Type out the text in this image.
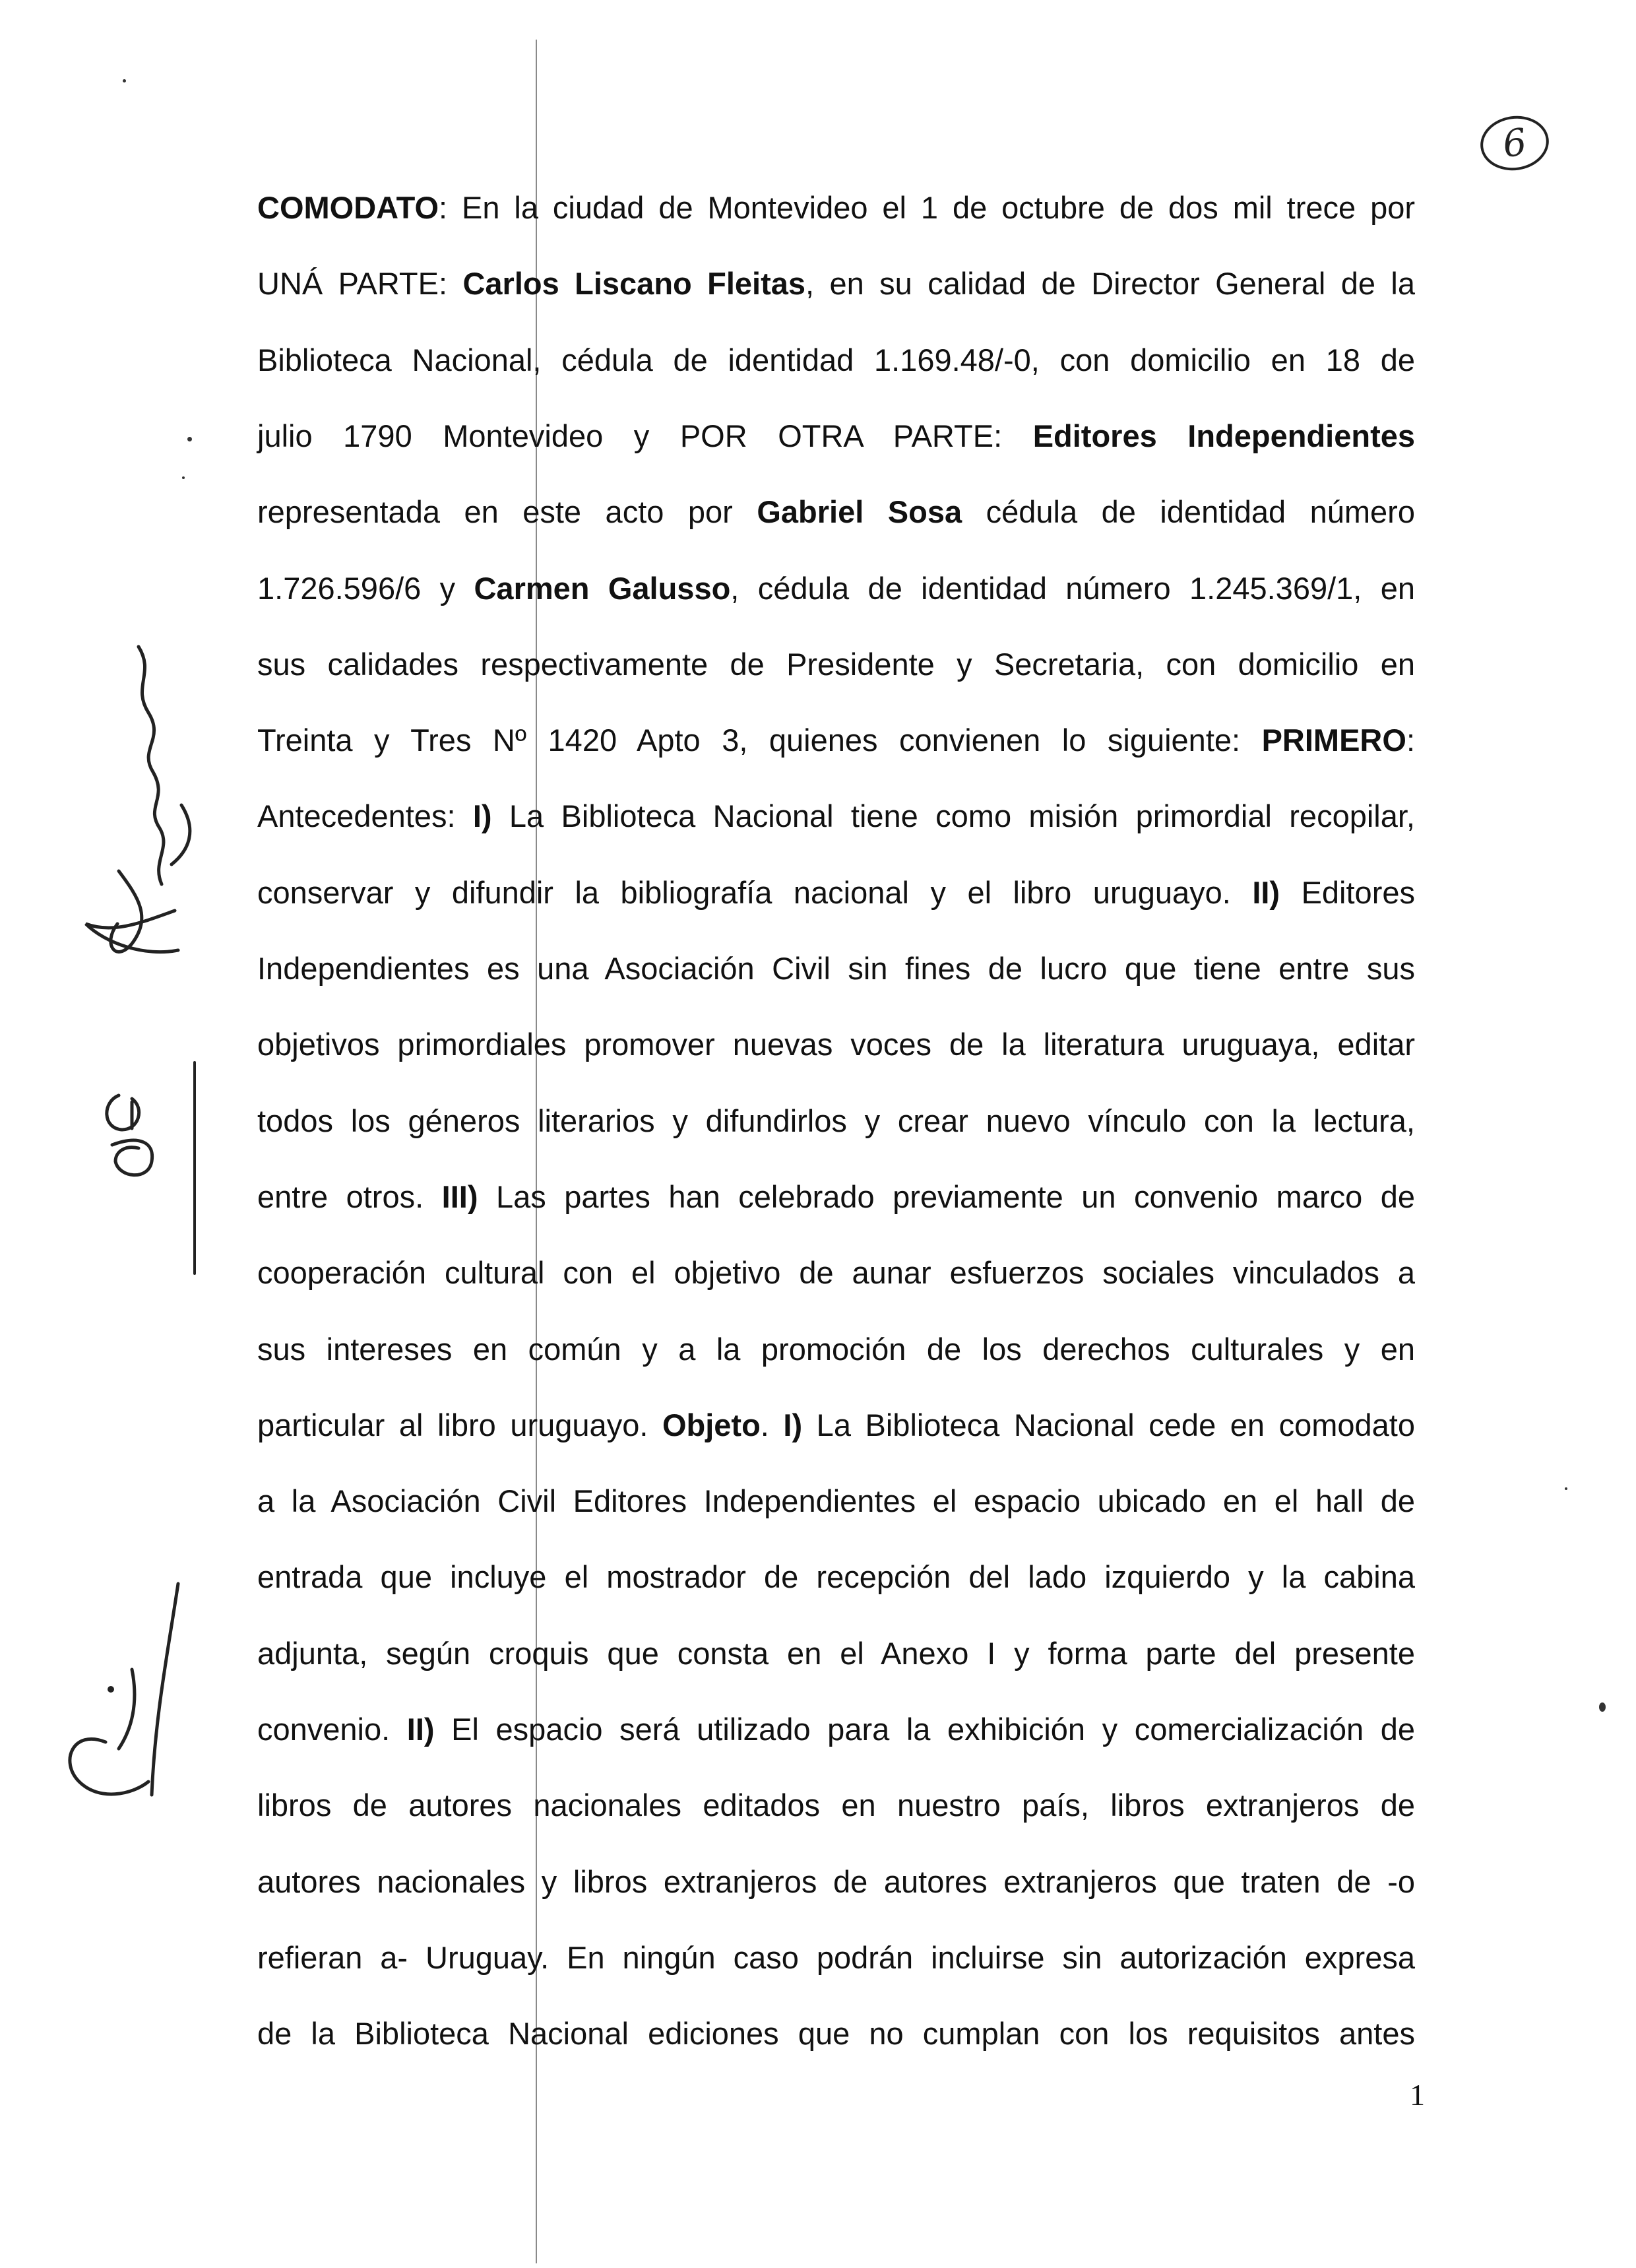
6
COMODATO: En la ciudad de Montevideo el 1 de octubre de dos mil trece por
UNÁ PARTE: Carlos Liscano Fleitas, en su calidad de Director General de la
Biblioteca Nacional, cédula de identidad 1.169.48/-0, con domicilio en 18 de
julio 1790 Montevideo y POR OTRA PARTE: Editores Independientes
representada en este acto por Gabriel Sosa cédula de identidad número
1.726.596/6 y Carmen Galusso, cédula de identidad número 1.245.369/1, en
sus calidades respectivamente de Presidente y Secretaria, con domicilio en
Treinta y Tres Nº 1420 Apto 3, quienes convienen lo siguiente: PRIMERO:
Antecedentes: I) La Biblioteca Nacional tiene como misión primordial recopilar,
conservar y difundir la bibliografía nacional y el libro uruguayo. II) Editores
Independientes es una Asociación Civil sin fines de lucro que tiene entre sus
objetivos primordiales promover nuevas voces de la literatura uruguaya, editar
todos los géneros literarios y difundirlos y crear nuevo vínculo con la lectura,
entre otros. III) Las partes han celebrado previamente un convenio marco de
cooperación cultural con el objetivo de aunar esfuerzos sociales vinculados a
sus intereses en común y a la promoción de los derechos culturales y en
particular al libro uruguayo. Objeto. I) La Biblioteca Nacional cede en comodato
a la Asociación Civil Editores Independientes el espacio ubicado en el hall de
entrada que incluye el mostrador de recepción del lado izquierdo y la cabina
adjunta, según croquis que consta en el Anexo I y forma parte del presente
convenio. II) El espacio será utilizado para la exhibición y comercialización de
libros de autores nacionales editados en nuestro país, libros extranjeros de
autores nacionales y libros extranjeros de autores extranjeros que traten de -o
refieran a- Uruguay. En ningún caso podrán incluirse sin autorización expresa
de la Biblioteca Nacional ediciones que no cumplan con los requisitos antes
1
